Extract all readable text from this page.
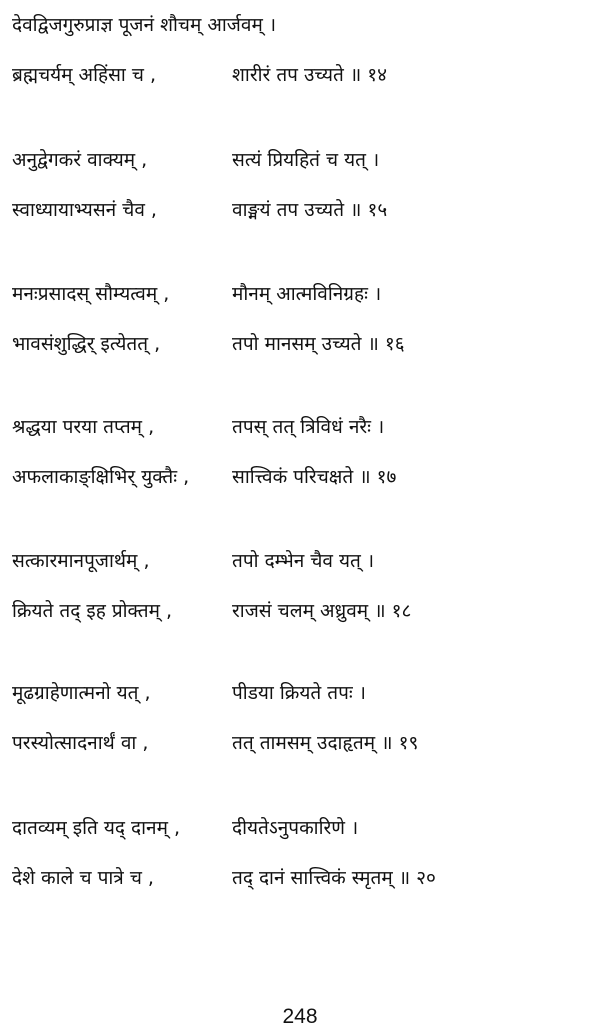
देवद्विजगुरुप्राज्ञ पूजनं शौचम् आर्जवम् ।
ब्रह्मचर्यम् अहिंसा च ,	शारीरं तप उच्यते ॥ १४
अनुद्वेगकरं वाक्यम् ,	सत्यं प्रियहितं च यत् ।
स्वाध्यायाभ्यसनं चैव ,	वाङ्मयं तप उच्यते ॥ १५
मनःप्रसादस् सौम्यत्वम् ,	मौनम् आत्मविनिग्रहः ।
भावसंशुद्धिर् इत्येतत् ,	तपो मानसम् उच्यते ॥ १६
श्रद्धया परया तप्तम् ,	तपस् तत् त्रिविधं नरैः ।
अफलाकाङ्क्षिभिर् युक्तैः , सात्त्विकं परिचक्षते ॥ १७
सत्कारमानपूजार्थम् ,	तपो दम्भेन चैव यत् ।
क्रियते तद् इह प्रोक्तम् ,	राजसं चलम् अध्रुवम् ॥ १८
मूढग्राहेणात्मनो यत् ,	पीडया क्रियते तपः ।
परस्योत्सादनार्थं वा ,	तत् तामसम् उदाहृतम् ॥ १९
दातव्यम् इति यद् दानम् ,	दीयतेऽनुपकारिणे ।
देशे काले च पात्रे च ,	तद् दानं सात्त्विकं स्मृतम् ॥ २०
248
